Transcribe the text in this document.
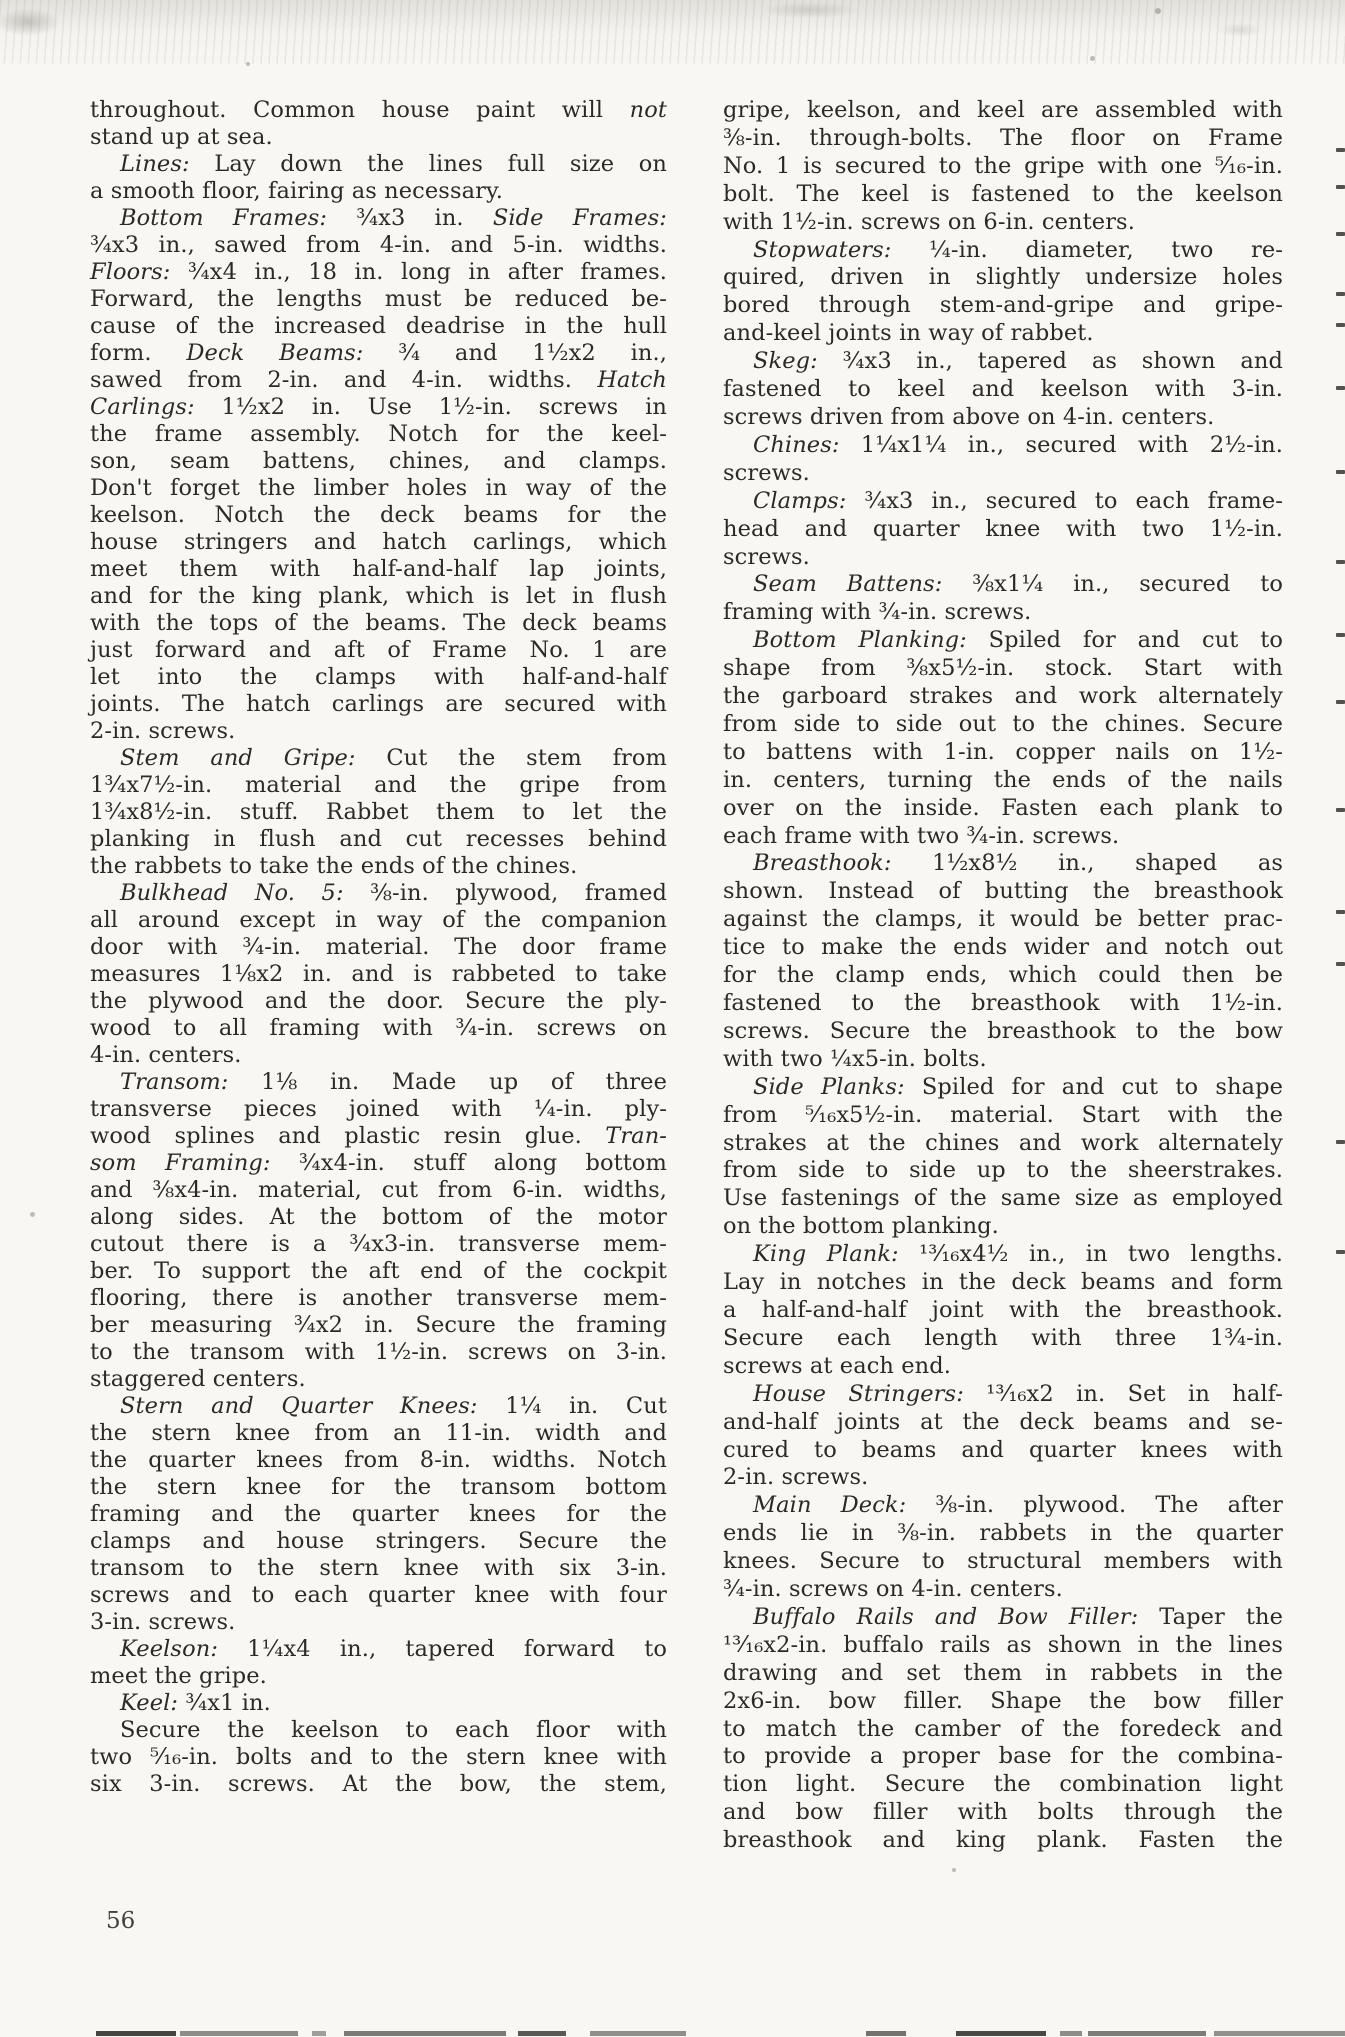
throughout. Common house paint will not
stand up at sea.
Lines: Lay down the lines full size on
a smooth floor, fairing as necessary.
Bottom Frames: ¾x3 in. Side Frames:
¾x3 in., sawed from 4-in. and 5-in. widths.
Floors: ¾x4 in., 18 in. long in after frames.
Forward, the lengths must be reduced be-
cause of the increased deadrise in the hull
form. Deck Beams: ¾ and 1½x2 in.,
sawed from 2-in. and 4-in. widths. Hatch
Carlings: 1½x2 in. Use 1½-in. screws in
the frame assembly. Notch for the keel-
son, seam battens, chines, and clamps.
Don't forget the limber holes in way of the
keelson. Notch the deck beams for the
house stringers and hatch carlings, which
meet them with half-and-half lap joints,
and for the king plank, which is let in flush
with the tops of the beams. The deck beams
just forward and aft of Frame No. 1 are
let into the clamps with half-and-half
joints. The hatch carlings are secured with
2-in. screws.
Stem and Gripe: Cut the stem from
1¾x7½-in. material and the gripe from
1¾x8½-in. stuff. Rabbet them to let the
planking in flush and cut recesses behind
the rabbets to take the ends of the chines.
Bulkhead No. 5: ⅜-in. plywood, framed
all around except in way of the companion
door with ¾-in. material. The door frame
measures 1⅛x2 in. and is rabbeted to take
the plywood and the door. Secure the ply-
wood to all framing with ¾-in. screws on
4-in. centers.
Transom: 1⅛ in. Made up of three
transverse pieces joined with ¼-in. ply-
wood splines and plastic resin glue. Tran-
som Framing: ¾x4-in. stuff along bottom
and ⅜x4-in. material, cut from 6-in. widths,
along sides. At the bottom of the motor
cutout there is a ¾x3-in. transverse mem-
ber. To support the aft end of the cockpit
flooring, there is another transverse mem-
ber measuring ¾x2 in. Secure the framing
to the transom with 1½-in. screws on 3-in.
staggered centers.
Stern and Quarter Knees: 1¼ in. Cut
the stern knee from an 11-in. width and
the quarter knees from 8-in. widths. Notch
the stern knee for the transom bottom
framing and the quarter knees for the
clamps and house stringers. Secure the
transom to the stern knee with six 3-in.
screws and to each quarter knee with four
3-in. screws.
Keelson: 1¼x4 in., tapered forward to
meet the gripe.
Keel: ¾x1 in.
Secure the keelson to each floor with
two ⁵⁄₁₆-in. bolts and to the stern knee with
six 3-in. screws. At the bow, the stem,
gripe, keelson, and keel are assembled with
⅜-in. through-bolts. The floor on Frame
No. 1 is secured to the gripe with one ⁵⁄₁₆-in.
bolt. The keel is fastened to the keelson
with 1½-in. screws on 6-in. centers.
Stopwaters: ¼-in. diameter, two re-
quired, driven in slightly undersize holes
bored through stem-and-gripe and gripe-
and-keel joints in way of rabbet.
Skeg: ¾x3 in., tapered as shown and
fastened to keel and keelson with 3-in.
screws driven from above on 4-in. centers.
Chines: 1¼x1¼ in., secured with 2½-in.
screws.
Clamps: ¾x3 in., secured to each frame-
head and quarter knee with two 1½-in.
screws.
Seam Battens: ⅜x1¼ in., secured to
framing with ¾-in. screws.
Bottom Planking: Spiled for and cut to
shape from ⅜x5½-in. stock. Start with
the garboard strakes and work alternately
from side to side out to the chines. Secure
to battens with 1-in. copper nails on 1½-
in. centers, turning the ends of the nails
over on the inside. Fasten each plank to
each frame with two ¾-in. screws.
Breasthook: 1½x8½ in., shaped as
shown. Instead of butting the breasthook
against the clamps, it would be better prac-
tice to make the ends wider and notch out
for the clamp ends, which could then be
fastened to the breasthook with 1½-in.
screws. Secure the breasthook to the bow
with two ¼x5-in. bolts.
Side Planks: Spiled for and cut to shape
from ⁵⁄₁₆x5½-in. material. Start with the
strakes at the chines and work alternately
from side to side up to the sheerstrakes.
Use fastenings of the same size as employed
on the bottom planking.
King Plank: ¹³⁄₁₆x4½ in., in two lengths.
Lay in notches in the deck beams and form
a half-and-half joint with the breasthook.
Secure each length with three 1¾-in.
screws at each end.
House Stringers: ¹³⁄₁₆x2 in. Set in half-
and-half joints at the deck beams and se-
cured to beams and quarter knees with
2-in. screws.
Main Deck: ⅜-in. plywood. The after
ends lie in ⅜-in. rabbets in the quarter
knees. Secure to structural members with
¾-in. screws on 4-in. centers.
Buffalo Rails and Bow Filler: Taper the
¹³⁄₁₆x2-in. buffalo rails as shown in the lines
drawing and set them in rabbets in the
2x6-in. bow filler. Shape the bow filler
to match the camber of the foredeck and
to provide a proper base for the combina-
tion light. Secure the combination light
and bow filler with bolts through the
breasthook and king plank. Fasten the
56
